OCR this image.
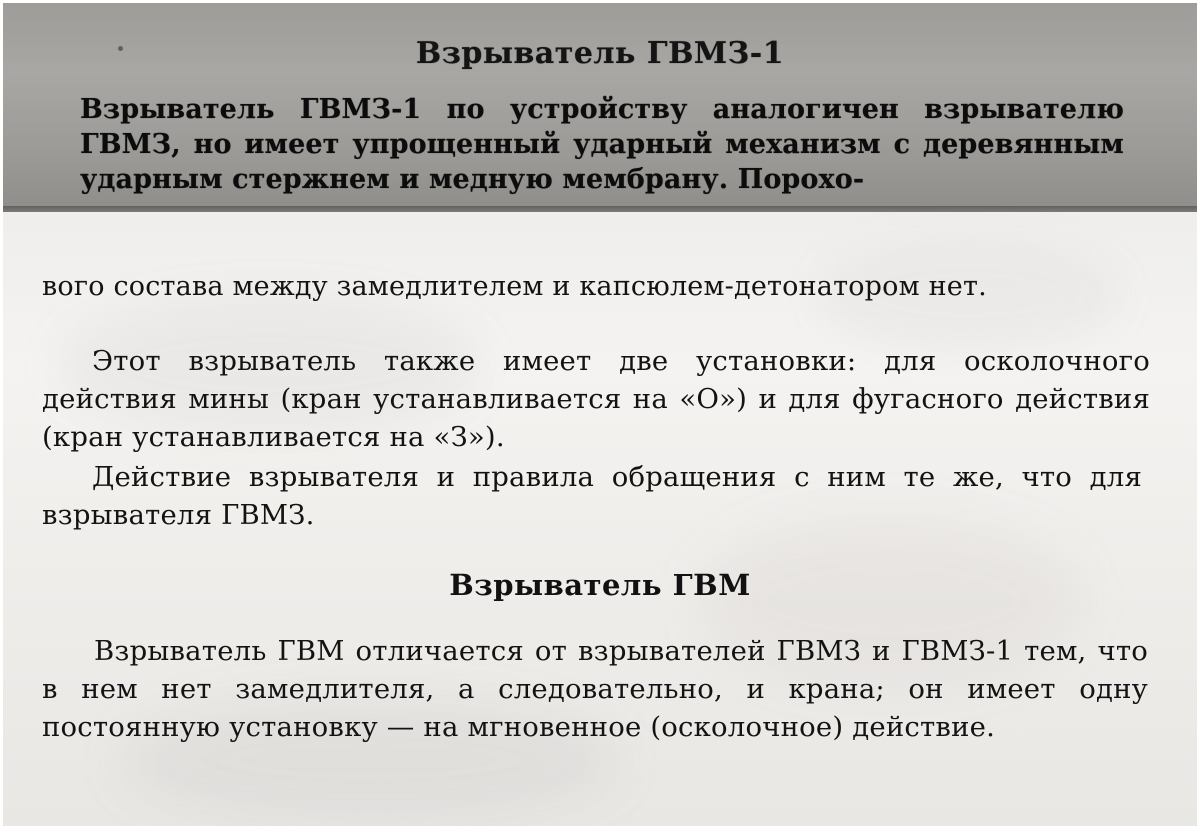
Взрыватель ГВМЗ-1

Взрыватель ГВМЗ-1 по устройству аналогичен взрывателю ГВМЗ, но имеет упрощенный ударный механизм с деревянным ударным стержнем и медную мембрану. Порохо-

вого состава между замедлителем и капсюлем-детонатором нет.

Этот взрыватель также имеет две установки: для осколочного действия мины (кран устанавливается на «О») и для фугасного действия (кран устанавливается на «З»).

Действие взрывателя и правила обращения с ним те же, что для взрывателя ГВМЗ.

Взрыватель ГВМ

Взрыватель ГВМ отличается от взрывателей ГВМЗ и ГВМЗ-1 тем, что в нем нет замедлителя, а следовательно, и крана; он имеет одну постоянную установку — на мгновенное (осколочное) действие.
